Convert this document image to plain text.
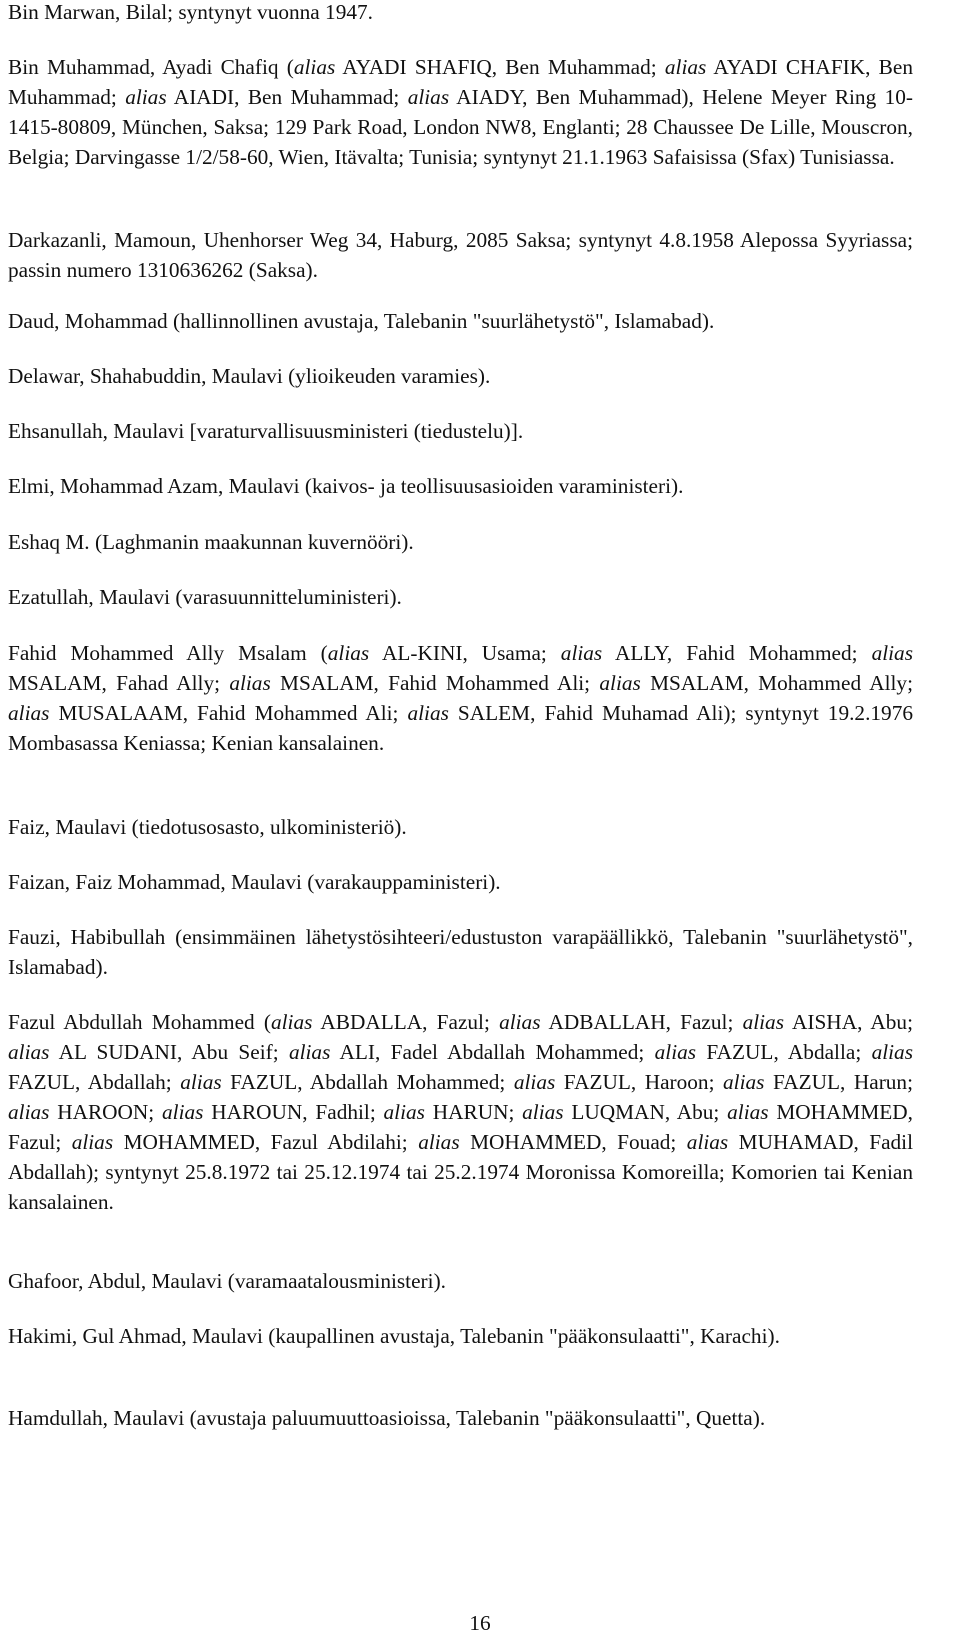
Bin Marwan, Bilal; syntynyt vuonna 1947.

Bin Muhammad, Ayadi Chafiq (alias AYADI SHAFIQ, Ben Muhammad; alias AYADI CHAFIK, Ben Muhammad; alias AIADI, Ben Muhammad; alias AIADY, Ben Muhammad), Helene Meyer Ring 10-1415-80809, München, Saksa; 129 Park Road, London NW8, Englanti; 28 Chaussee De Lille, Mouscron, Belgia; Darvingasse 1/2/58-60, Wien, Itävalta; Tunisia; syntynyt 21.1.1963 Safaisissa (Sfax) Tunisiassa.

Darkazanli, Mamoun, Uhenhorser Weg 34, Haburg, 2085 Saksa; syntynyt 4.8.1958 Alepossa Syyriassa; passin numero 1310636262 (Saksa).

Daud, Mohammad (hallinnollinen avustaja, Talebanin "suurlähetystö", Islamabad).

Delawar, Shahabuddin, Maulavi (ylioikeuden varamies).

Ehsanullah, Maulavi [varaturvallisuusministeri (tiedustelu)].

Elmi, Mohammad Azam, Maulavi (kaivos- ja teollisuusasioiden varaministeri).

Eshaq M. (Laghmanin maakunnan kuvernööri).

Ezatullah, Maulavi (varasuunnitteluministeri).

Fahid Mohammed Ally Msalam (alias AL-KINI, Usama; alias ALLY, Fahid Mohammed; alias MSALAM, Fahad Ally; alias MSALAM, Fahid Mohammed Ali; alias MSALAM, Mohammed Ally; alias MUSALAAM, Fahid Mohammed Ali; alias SALEM, Fahid Muhamad Ali); syntynyt 19.2.1976 Mombasassa Keniassa; Kenian kansalainen.

Faiz, Maulavi (tiedotusosasto, ulkoministeriö).

Faizan, Faiz Mohammad, Maulavi (varakauppaministeri).

Fauzi, Habibullah (ensimmäinen lähetystösihteeri/edustuston varapäällikkö, Talebanin "suurlähetystö", Islamabad).

Fazul Abdullah Mohammed (alias ABDALLA, Fazul; alias ADBALLAH, Fazul; alias AISHA, Abu; alias AL SUDANI, Abu Seif; alias ALI, Fadel Abdallah Mohammed; alias FAZUL, Abdalla; alias FAZUL, Abdallah; alias FAZUL, Abdallah Mohammed; alias FAZUL, Haroon; alias FAZUL, Harun; alias HAROON; alias HAROUN, Fadhil; alias HARUN; alias LUQMAN, Abu; alias MOHAMMED, Fazul; alias MOHAMMED, Fazul Abdilahi; alias MOHAMMED, Fouad; alias MUHAMAD, Fadil Abdallah); syntynyt 25.8.1972 tai 25.12.1974 tai 25.2.1974 Moronissa Komoreilla; Komorien tai Kenian kansalainen.

Ghafoor, Abdul, Maulavi (varamaatalousministeri).

Hakimi, Gul Ahmad, Maulavi (kaupallinen avustaja, Talebanin "pääkonsulaatti", Karachi).

Hamdullah, Maulavi (avustaja paluumuuttoasioissa, Talebanin "pääkonsulaatti", Quetta).

16
